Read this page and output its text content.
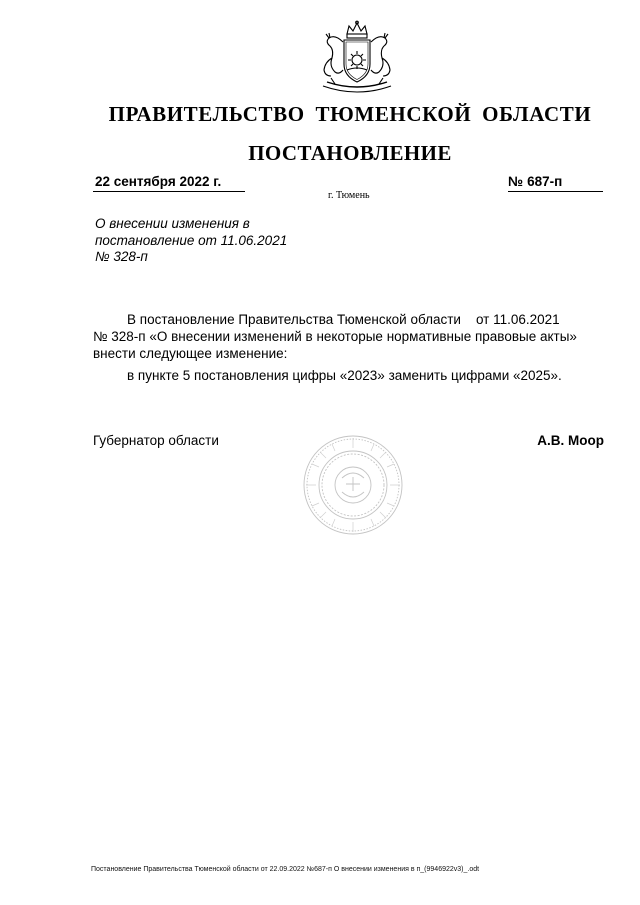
ПРАВИТЕЛЬСТВО ТЮМЕНСКОЙ ОБЛАСТИ
ПОСТАНОВЛЕНИЕ
22 сентября 2022 г.
г. Тюмень
№ 687-п
О внесении изменения в
постановление от 11.06.2021
№ 328-п
В постановление Правительства Тюменской области    от 11.06.2021
№ 328-п «О внесении изменений в некоторые нормативные правовые акты»
внести следующее изменение:
в пункте 5 постановления цифры «2023» заменить цифрами «2025».
Губернатор области	А.В. Моор
Постановление Правительства Тюменской области от 22.09.2022 №687-п О внесении изменения в п_(9946922v3)_.odt
